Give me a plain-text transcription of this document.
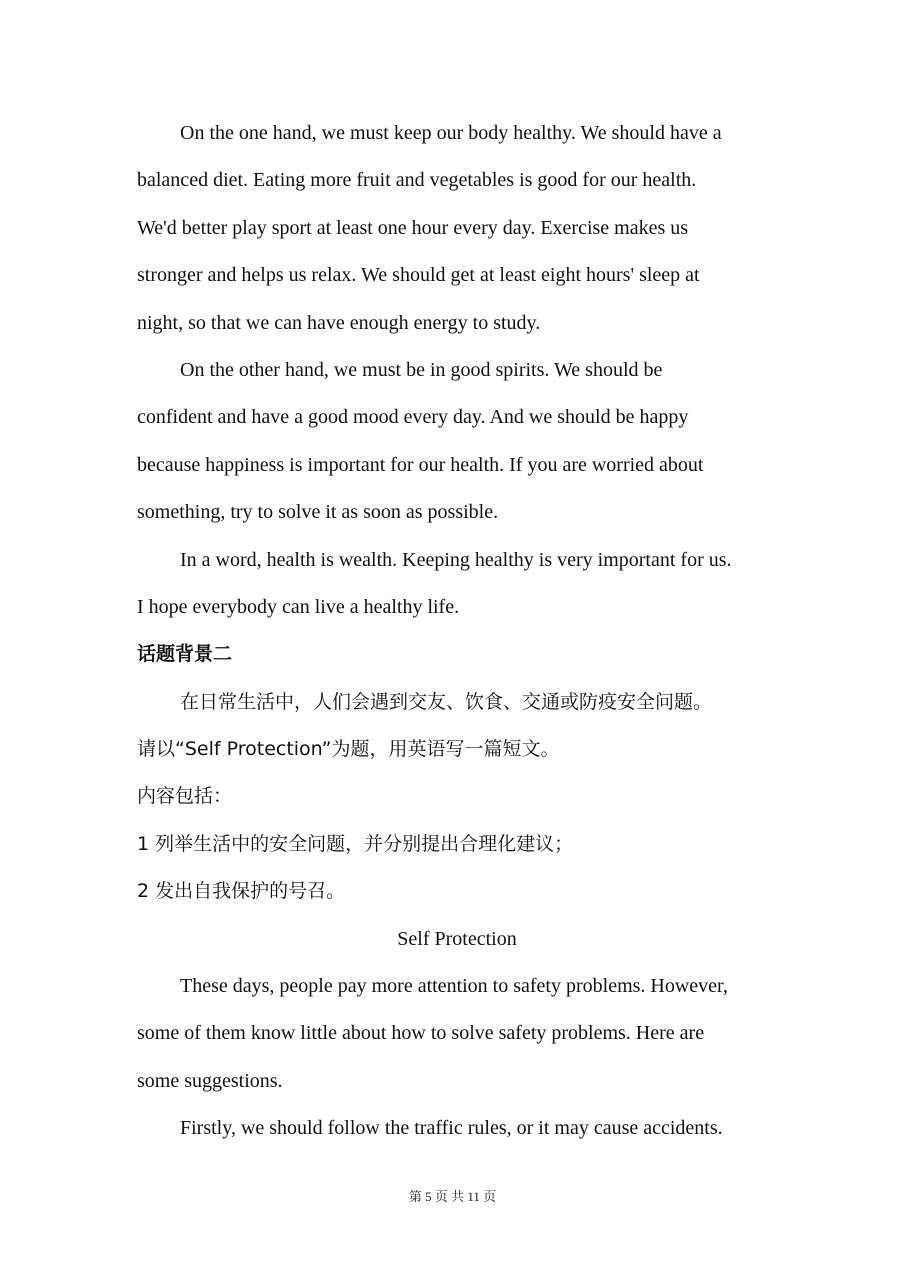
On the one hand, we must keep our body healthy. We should have a
balanced diet. Eating more fruit and vegetables is good for our health.
We'd better play sport at least one hour every day. Exercise makes us
stronger and helps us relax. We should get at least eight hours' sleep at
night, so that we can have enough energy to study.
On the other hand, we must be in good spirits. We should be
confident and have a good mood every day. And we should be happy
because happiness is important for our health. If you are worried about
something, try to solve it as soon as possible.
In a word, health is wealth. Keeping healthy is very important for us.
I hope everybody can live a healthy life.
话题背景二
在日常生活中，人们会遇到交友、饮食、交通或防疫安全问题。
请以“Self Protection”为题，用英语写一篇短文。
内容包括：
1 列举生活中的安全问题，并分别提出合理化建议；
2 发出自我保护的号召。
Self Protection
These days, people pay more attention to safety problems. However,
some of them know little about how to solve safety problems. Here are
some suggestions.
Firstly, we should follow the traffic rules, or it may cause accidents.
第 5 页 共 11 页
